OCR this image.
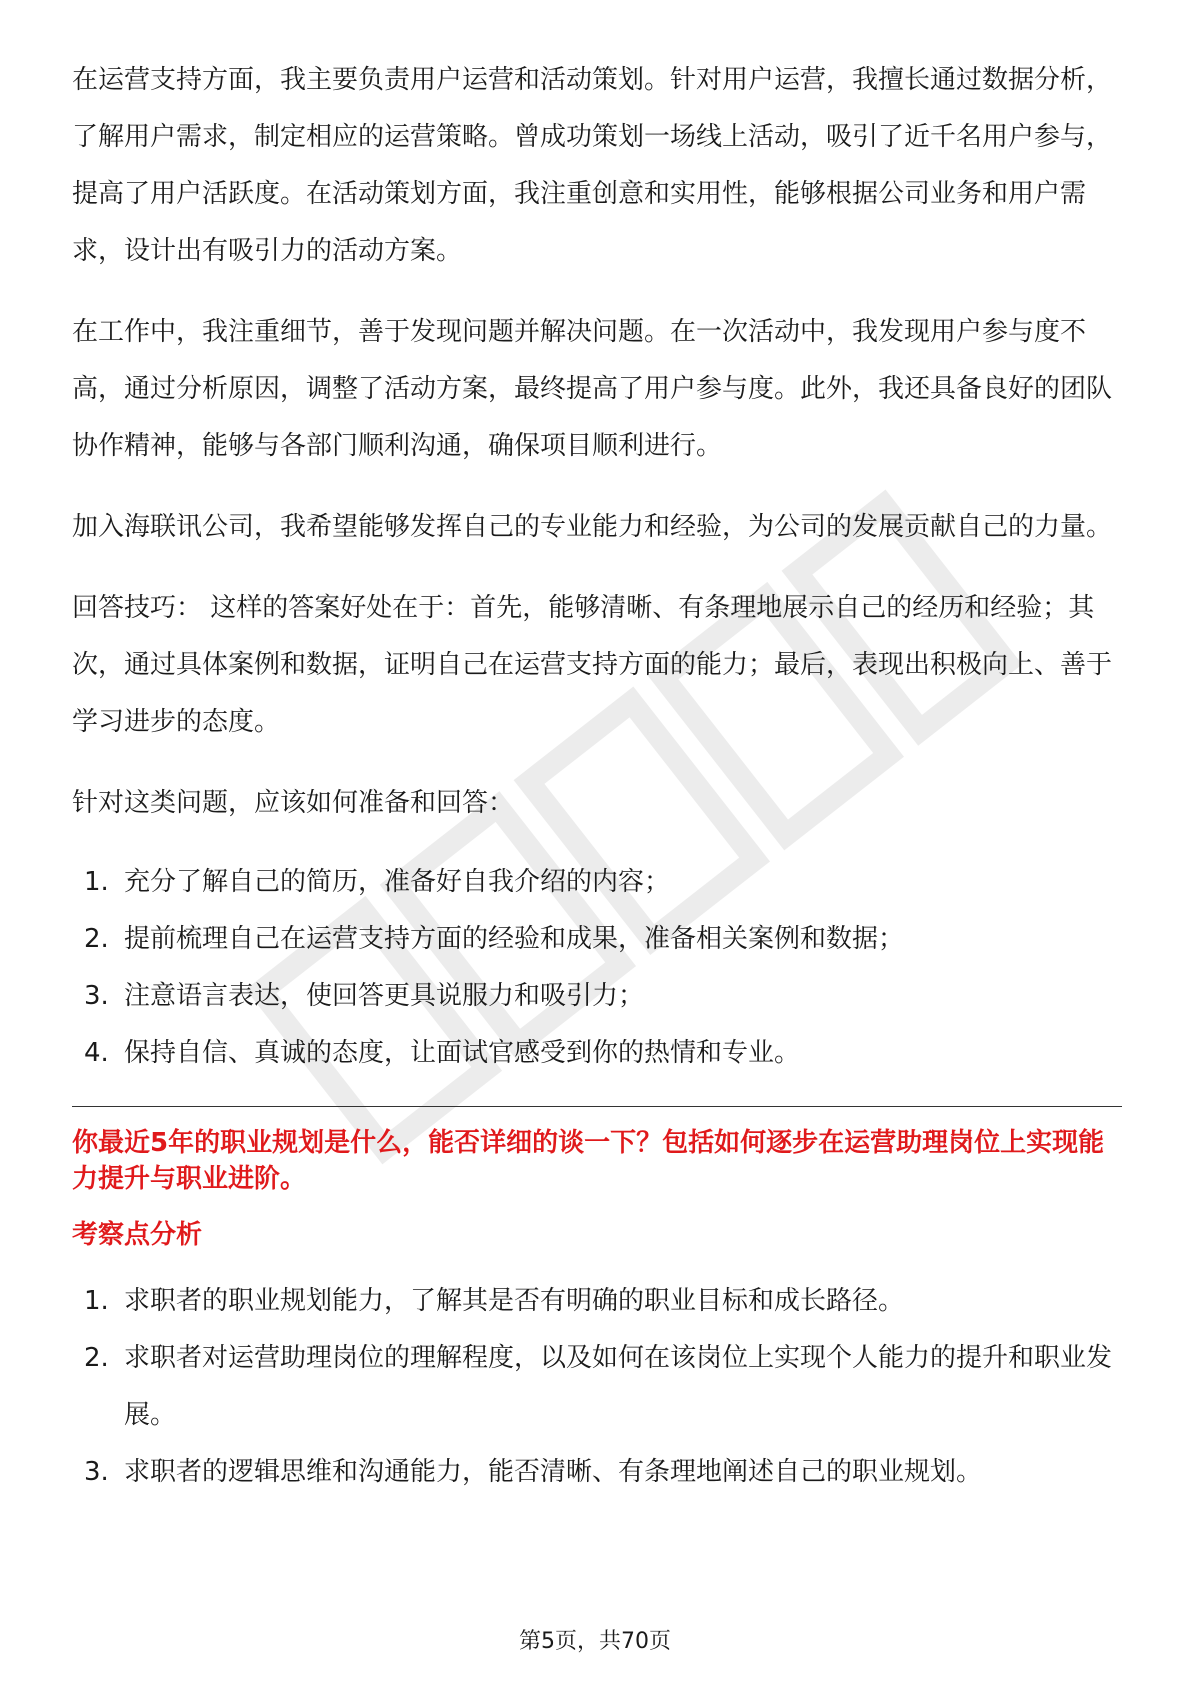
在运营支持方面，我主要负责用户运营和活动策划。针对用户运营，我擅长通过数据分析，了解用户需求，制定相应的运营策略。曾成功策划一场线上活动，吸引了近千名用户参与，提高了用户活跃度。在活动策划方面，我注重创意和实用性，能够根据公司业务和用户需求，设计出有吸引力的活动方案。

在工作中，我注重细节，善于发现问题并解决问题。在一次活动中，我发现用户参与度不高，通过分析原因，调整了活动方案，最终提高了用户参与度。此外，我还具备良好的团队协作精神，能够与各部门顺利沟通，确保项目顺利进行。

加入海联讯公司，我希望能够发挥自己的专业能力和经验，为公司的发展贡献自己的力量。

回答技巧： 这样的答案好处在于：首先，能够清晰、有条理地展示自己的经历和经验；其次，通过具体案例和数据，证明自己在运营支持方面的能力；最后，表现出积极向上、善于学习进步的态度。

针对这类问题，应该如何准备和回答：

1. 充分了解自己的简历，准备好自我介绍的内容；
2. 提前梳理自己在运营支持方面的经验和成果，准备相关案例和数据；
3. 注意语言表达，使回答更具说服力和吸引力；
4. 保持自信、真诚的态度，让面试官感受到你的热情和专业。

你最近5年的职业规划是什么，能否详细的谈一下？包括如何逐步在运营助理岗位上实现能力提升与职业进阶。

考察点分析

1. 求职者的职业规划能力，了解其是否有明确的职业目标和成长路径。
2. 求职者对运营助理岗位的理解程度，以及如何在该岗位上实现个人能力的提升和职业发展。
3. 求职者的逻辑思维和沟通能力，能否清晰、有条理地阐述自己的职业规划。
第5页，共70页
